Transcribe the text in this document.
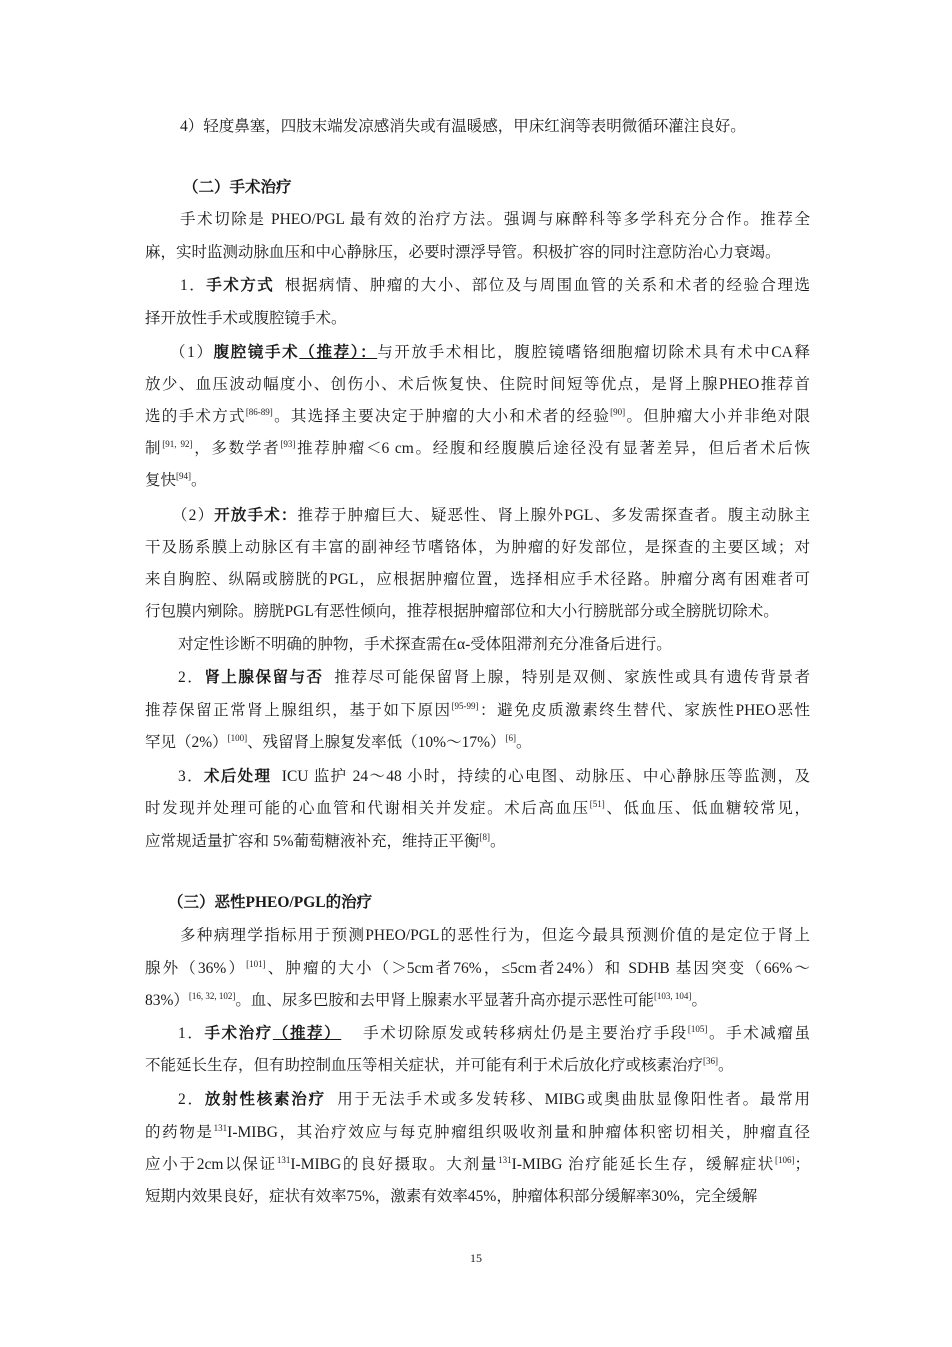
4）轻度鼻塞，四肢末端发凉感消失或有温暖感，甲床红润等表明微循环灌注良好。
（二）手术治疗
手术切除是 PHEO/PGL 最有效的治疗方法。强调与麻醉科等多学科充分合作。推荐全
麻，实时监测动脉血压和中心静脉压，必要时漂浮导管。积极扩容的同时注意防治心力衰竭。
1．手术方式  根据病情、肿瘤的大小、部位及与周围血管的关系和术者的经验合理选
择开放性手术或腹腔镜手术。
（1）腹腔镜手术（推荐）：与开放手术相比，腹腔镜嗜铬细胞瘤切除术具有术中CA释
放少、血压波动幅度小、创伤小、术后恢复快、住院时间短等优点，是肾上腺PHEO推荐首
选的手术方式[86-89]。其选择主要决定于肿瘤的大小和术者的经验[90]。但肿瘤大小并非绝对限
制[91, 92]，多数学者[93]推荐肿瘤＜6 cm。经腹和经腹膜后途径没有显著差异，但后者术后恢
复快[94]。
（2）开放手术：推荐于肿瘤巨大、疑恶性、肾上腺外PGL、多发需探查者。腹主动脉主
干及肠系膜上动脉区有丰富的副神经节嗜铬体，为肿瘤的好发部位，是探查的主要区域；对
来自胸腔、纵隔或膀胱的PGL，应根据肿瘤位置，选择相应手术径路。肿瘤分离有困难者可
行包膜内剜除。膀胱PGL有恶性倾向，推荐根据肿瘤部位和大小行膀胱部分或全膀胱切除术。
对定性诊断不明确的肿物，手术探查需在α-受体阻滞剂充分准备后进行。
2．肾上腺保留与否  推荐尽可能保留肾上腺，特别是双侧、家族性或具有遗传背景者
推荐保留正常肾上腺组织，基于如下原因[95-99]：避免皮质激素终生替代、家族性PHEO恶性
罕见（2%）[100]、残留肾上腺复发率低（10%～17%）[6]。
3．术后处理  ICU 监护 24～48 小时，持续的心电图、动脉压、中心静脉压等监测，及
时发现并处理可能的心血管和代谢相关并发症。术后高血压[51]、低血压、低血糖较常见，
应常规适量扩容和 5%葡萄糖液补充，维持正平衡[8]。
（三）恶性PHEO/PGL的治疗
多种病理学指标用于预测PHEO/PGL的恶性行为，但迄今最具预测价值的是定位于肾上
腺外（36%）[101]、肿瘤的大小（＞5cm者76%，≤5cm者24%）和 SDHB 基因突变（66%～
83%）[16, 32, 102]。血、尿多巴胺和去甲肾上腺素水平显著升高亦提示恶性可能[103, 104]。
1．手术治疗（推荐）    手术切除原发或转移病灶仍是主要治疗手段[105]。手术减瘤虽
不能延长生存，但有助控制血压等相关症状，并可能有利于术后放化疗或核素治疗[36]。
2．放射性核素治疗  用于无法手术或多发转移、MIBG或奥曲肽显像阳性者。最常用
的药物是$^{131}$I-MIBG，其治疗效应与每克肿瘤组织吸收剂量和肿瘤体积密切相关，肿瘤直径
应小于2cm以保证$^{131}$I-MIBG的良好摄取。大剂量$^{131}$I-MIBG 治疗能延长生存，缓解症状[106]；
短期内效果良好，症状有效率75%，激素有效率45%，肿瘤体积部分缓解率30%，完全缓解
15
